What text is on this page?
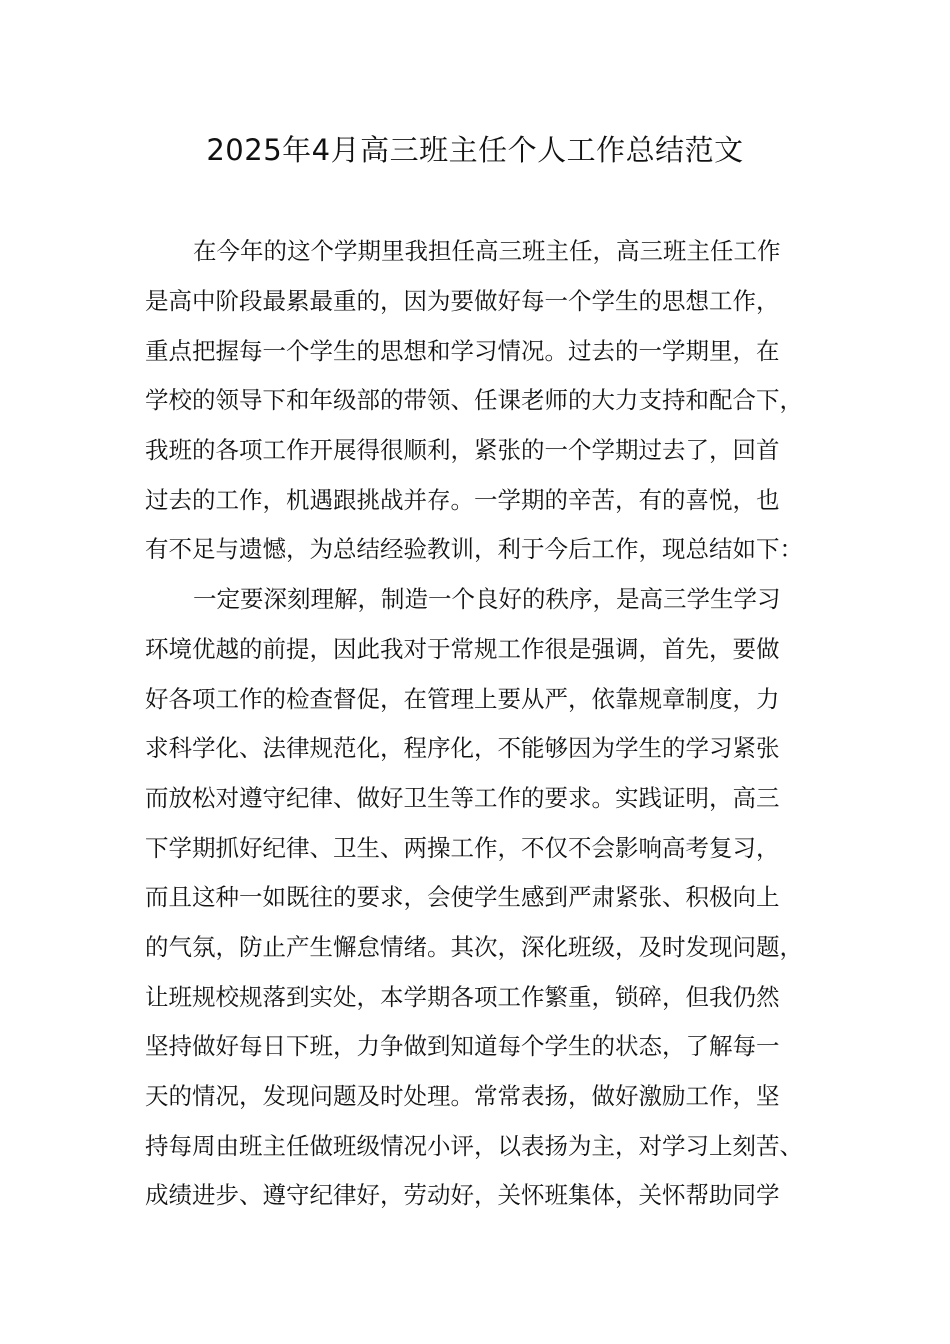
2025年4月高三班主任个人工作总结范文

在今年的这个学期里我担任高三班主任，高三班主任工作

是高中阶段最累最重的，因为要做好每一个学生的思想工作，

重点把握每一个学生的思想和学习情况。过去的一学期里，在

学校的领导下和年级部的带领、任课老师的大力支持和配合下，

我班的各项工作开展得很顺利，紧张的一个学期过去了，回首

过去的工作，机遇跟挑战并存。一学期的辛苦，有的喜悦，也

有不足与遗憾，为总结经验教训，利于今后工作，现总结如下：

一定要深刻理解，制造一个良好的秩序，是高三学生学习

环境优越的前提，因此我对于常规工作很是强调，首先，要做

好各项工作的检查督促，在管理上要从严，依靠规章制度，力

求科学化、法律规范化，程序化，不能够因为学生的学习紧张

而放松对遵守纪律、做好卫生等工作的要求。实践证明，高三

下学期抓好纪律、卫生、两操工作，不仅不会影响高考复习，

而且这种一如既往的要求，会使学生感到严肃紧张、积极向上

的气氛，防止产生懈怠情绪。其次，深化班级，及时发现问题，

让班规校规落到实处，本学期各项工作繁重，锁碎，但我仍然

坚持做好每日下班，力争做到知道每个学生的状态，了解每一

天的情况，发现问题及时处理。常常表扬，做好激励工作，坚

持每周由班主任做班级情况小评，以表扬为主，对学习上刻苦、

成绩进步、遵守纪律好，劳动好，关怀班集体，关怀帮助同学
